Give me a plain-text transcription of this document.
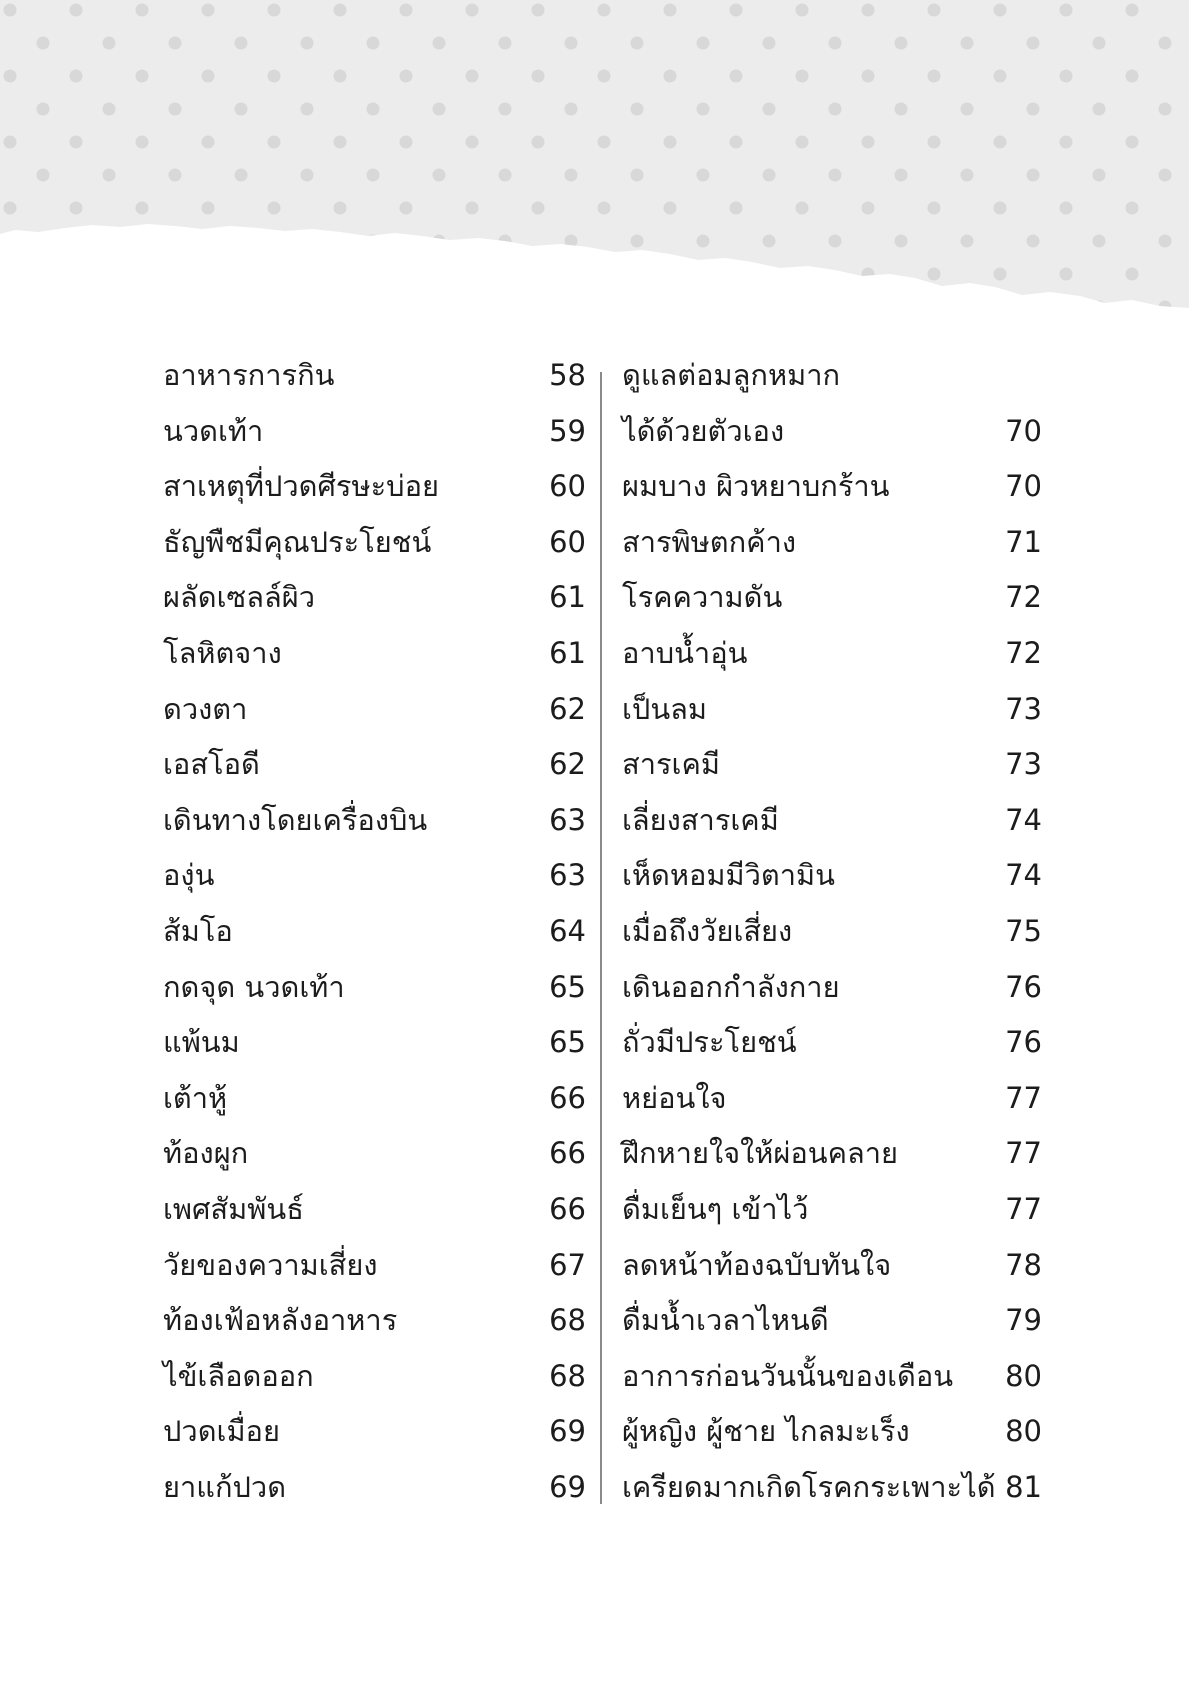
อาหารการกิน	58
นวดเท้า	59
สาเหตุที่ปวดศีรษะบ่อย	60
ธัญพืชมีคุณประโยชน์	60
ผลัดเซลล์ผิว	61
โลหิตจาง	61
ดวงตา	62
เอสโอดี	62
เดินทางโดยเครื่องบิน	63
องุ่น	63
ส้มโอ	64
กดจุด นวดเท้า	65
แพ้นม	65
เต้าหู้	66
ท้องผูก	66
เพศสัมพันธ์	66
วัยของความเสี่ยง	67
ท้องเฟ้อหลังอาหาร	68
ไข้เลือดออก	68
ปวดเมื่อย	69
ยาแก้ปวด	69
ดูแลต่อมลูกหมาก
ได้ด้วยตัวเอง	70
ผมบาง ผิวหยาบกร้าน	70
สารพิษตกค้าง	71
โรคความดัน	72
อาบน้ำอุ่น	72
เป็นลม	73
สารเคมี	73
เลี่ยงสารเคมี	74
เห็ดหอมมีวิตามิน	74
เมื่อถึงวัยเสี่ยง	75
เดินออกกำลังกาย	76
ถั่วมีประโยชน์	76
หย่อนใจ	77
ฝึกหายใจให้ผ่อนคลาย	77
ดื่มเย็นๆ เข้าไว้	77
ลดหน้าท้องฉบับทันใจ	78
ดื่มน้ำเวลาไหนดี	79
อาการก่อนวันนั้นของเดือน 80
ผู้หญิง ผู้ชาย ไกลมะเร็ง	80
เครียดมากเกิดโรคกระเพาะได้ 81
